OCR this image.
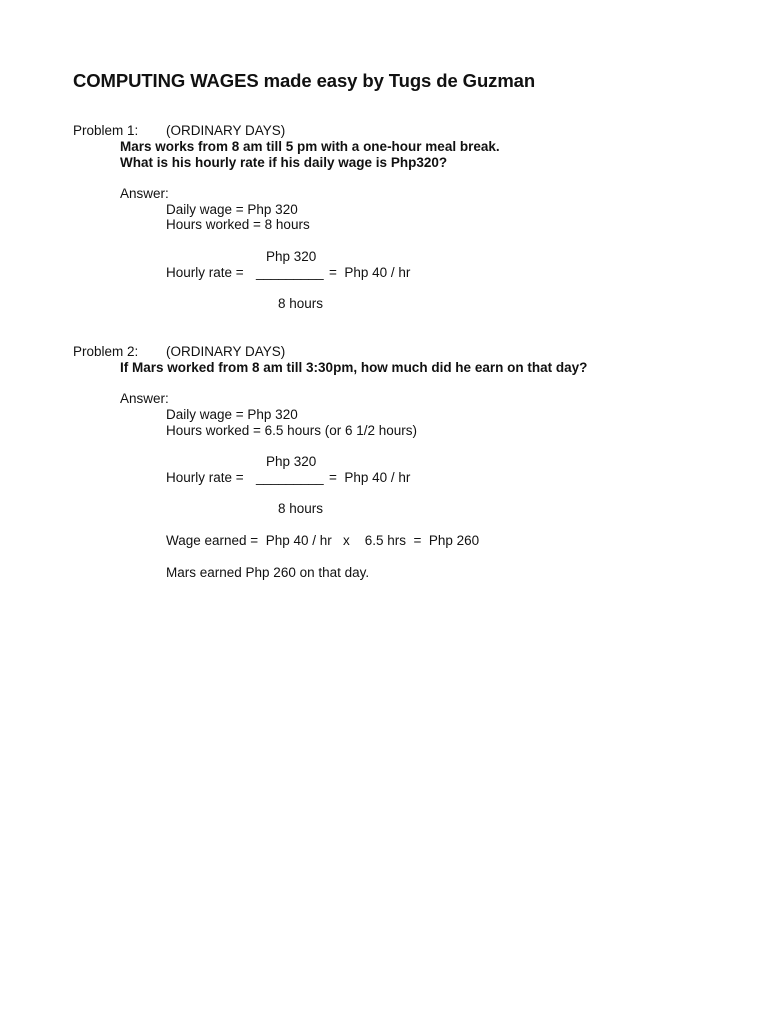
COMPUTING WAGES made easy by Tugs de Guzman
Problem 1: (ORDINARY DAYS)
Mars works from 8 am till 5 pm with a one-hour meal break.
What is his hourly rate if his daily wage is Php320?
Answer:
Daily wage = Php 320
Hours worked = 8 hours
Php 320
Hourly rate = _________ =  Php 40 / hr
8 hours
Problem 2: (ORDINARY DAYS)
If Mars worked from 8 am till 3:30pm, how much did he earn on that day?
Answer:
Daily wage = Php 320
Hours worked = 6.5 hours (or 6 1/2 hours)
Php 320
Hourly rate = _________ =  Php 40 / hr
8 hours
Wage earned =  Php 40 / hr   x    6.5 hrs  =  Php 260
Mars earned Php 260 on that day.
